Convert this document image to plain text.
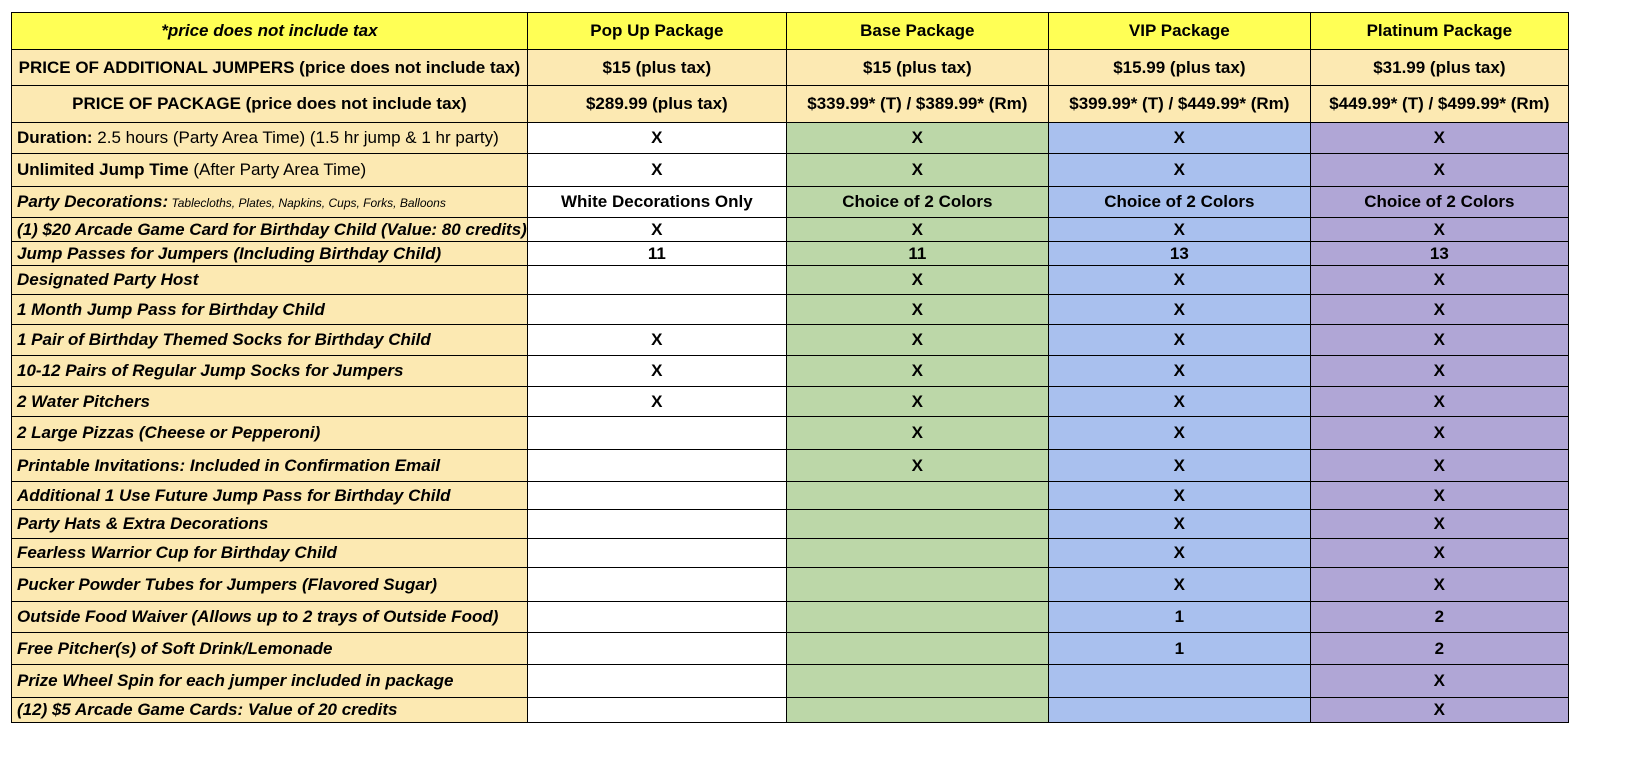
*price does not include tax	Pop Up Package	Base Package	VIP Package	Platinum Package
PRICE OF ADDITIONAL JUMPERS (price does not include tax)	$15 (plus tax)	$15 (plus tax)	$15.99 (plus tax)	$31.99 (plus tax)
PRICE OF PACKAGE (price does not include tax)	$289.99 (plus tax)	$339.99* (T) / $389.99* (Rm)	$399.99* (T) / $449.99* (Rm)	$449.99* (T) / $499.99* (Rm)
Duration: 2.5 hours (Party Area Time) (1.5 hr jump & 1 hr party)	X	X	X	X
Unlimited Jump Time (After Party Area Time)	X	X	X	X
Party Decorations: Tablecloths, Plates, Napkins, Cups, Forks, Balloons	White Decorations Only	Choice of 2 Colors	Choice of 2 Colors	Choice of 2 Colors
(1) $20 Arcade Game Card for Birthday Child (Value: 80 credits)	X	X	X	X
Jump Passes for Jumpers (Including Birthday Child)	11	11	13	13
Designated Party Host		X	X	X
1 Month Jump Pass for Birthday Child		X	X	X
1 Pair of Birthday Themed Socks for Birthday Child	X	X	X	X
10-12 Pairs of Regular Jump Socks for Jumpers	X	X	X	X
2 Water Pitchers	X	X	X	X
2 Large Pizzas (Cheese or Pepperoni)		X	X	X
Printable Invitations: Included in Confirmation Email		X	X	X
Additional 1 Use Future Jump Pass for Birthday Child			X	X
Party Hats & Extra Decorations			X	X
Fearless Warrior Cup for Birthday Child			X	X
Pucker Powder Tubes for Jumpers (Flavored Sugar)			X	X
Outside Food Waiver (Allows up to 2 trays of Outside Food)			1	2
Free Pitcher(s) of Soft Drink/Lemonade			1	2
Prize Wheel Spin for each jumper included in package				X
(12) $5 Arcade Game Cards: Value of 20 credits				X
